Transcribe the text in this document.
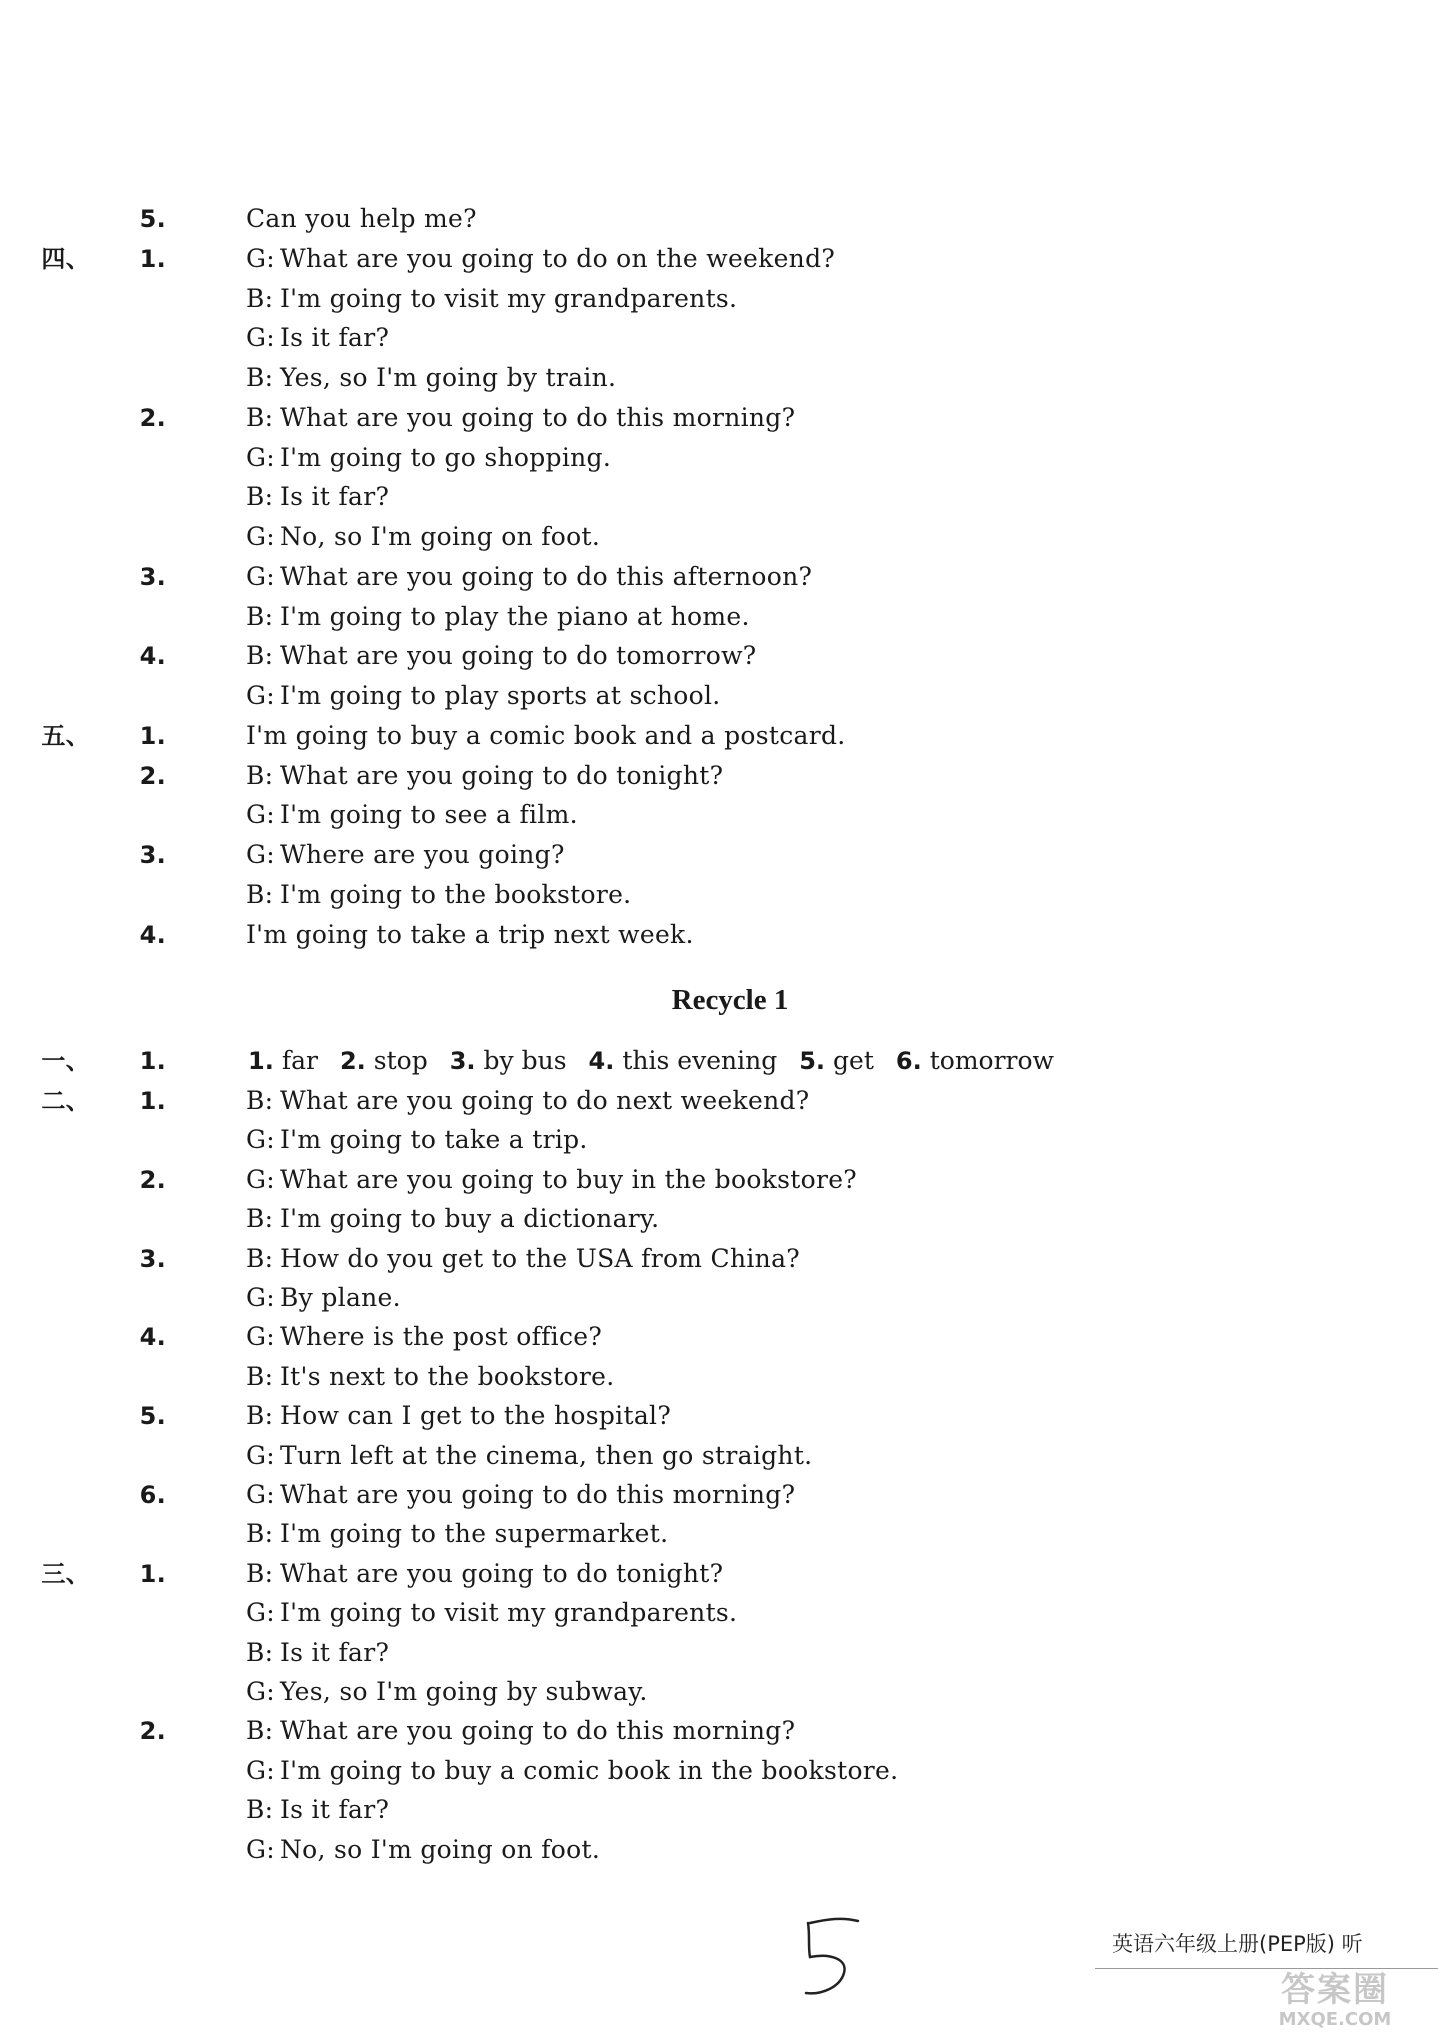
5.	Can you help me?
四、	1.	G: What are you going to do on the weekend?
B: I'm going to visit my grandparents.
G: Is it far?
B: Yes, so I'm going by train.
2.	B: What are you going to do this morning?
G: I'm going to go shopping.
B: Is it far?
G: No, so I'm going on foot.
3.	G: What are you going to do this afternoon?
B: I'm going to play the piano at home.
4.	B: What are you going to do tomorrow?
G: I'm going to play sports at school.
五、	1.	I'm going to buy a comic book and a postcard.
2.	B: What are you going to do tonight?
G: I'm going to see a film.
3.	G: Where are you going?
B: I'm going to the bookstore.
4.	I'm going to take a trip next week.
Recycle 1
一、	1.	1. far 2. stop 3. by bus 4. this evening 5. get 6. tomorrow
二、	1.	B: What are you going to do next weekend?
G: I'm going to take a trip.
2.	G: What are you going to buy in the bookstore?
B: I'm going to buy a dictionary.
3.	B: How do you get to the USA from China?
G: By plane.
4.	G: Where is the post office?
B: It's next to the bookstore.
5.	B: How can I get to the hospital?
G: Turn left at the cinema, then go straight.
6.	G: What are you going to do this morning?
B: I'm going to the supermarket.
三、	1.	B: What are you going to do tonight?
G: I'm going to visit my grandparents.
B: Is it far?
G: Yes, so I'm going by subway.
2.	B: What are you going to do this morning?
G: I'm going to buy a comic book in the bookstore.
B: Is it far?
G: No, so I'm going on foot.
英语六年级上册(PEP版) 听
答案圈
MXQE.COM
